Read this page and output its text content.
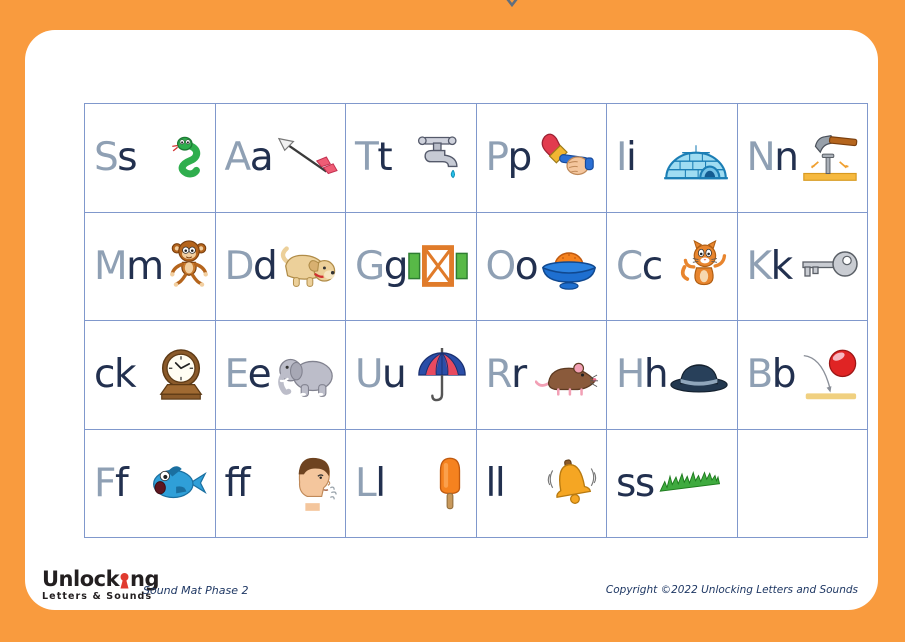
Ss Aa Tt Pp Ii	Nn
Mm Dd Gg Oo Cc Kk
ck Ee Uu Rr Hh Bb
Ff ff	Ll	ll	ss
Unlock ng
Letters & Sounds
Sound Mat Phase 2	Copyright ©2022 Unlocking Letters and Sounds
